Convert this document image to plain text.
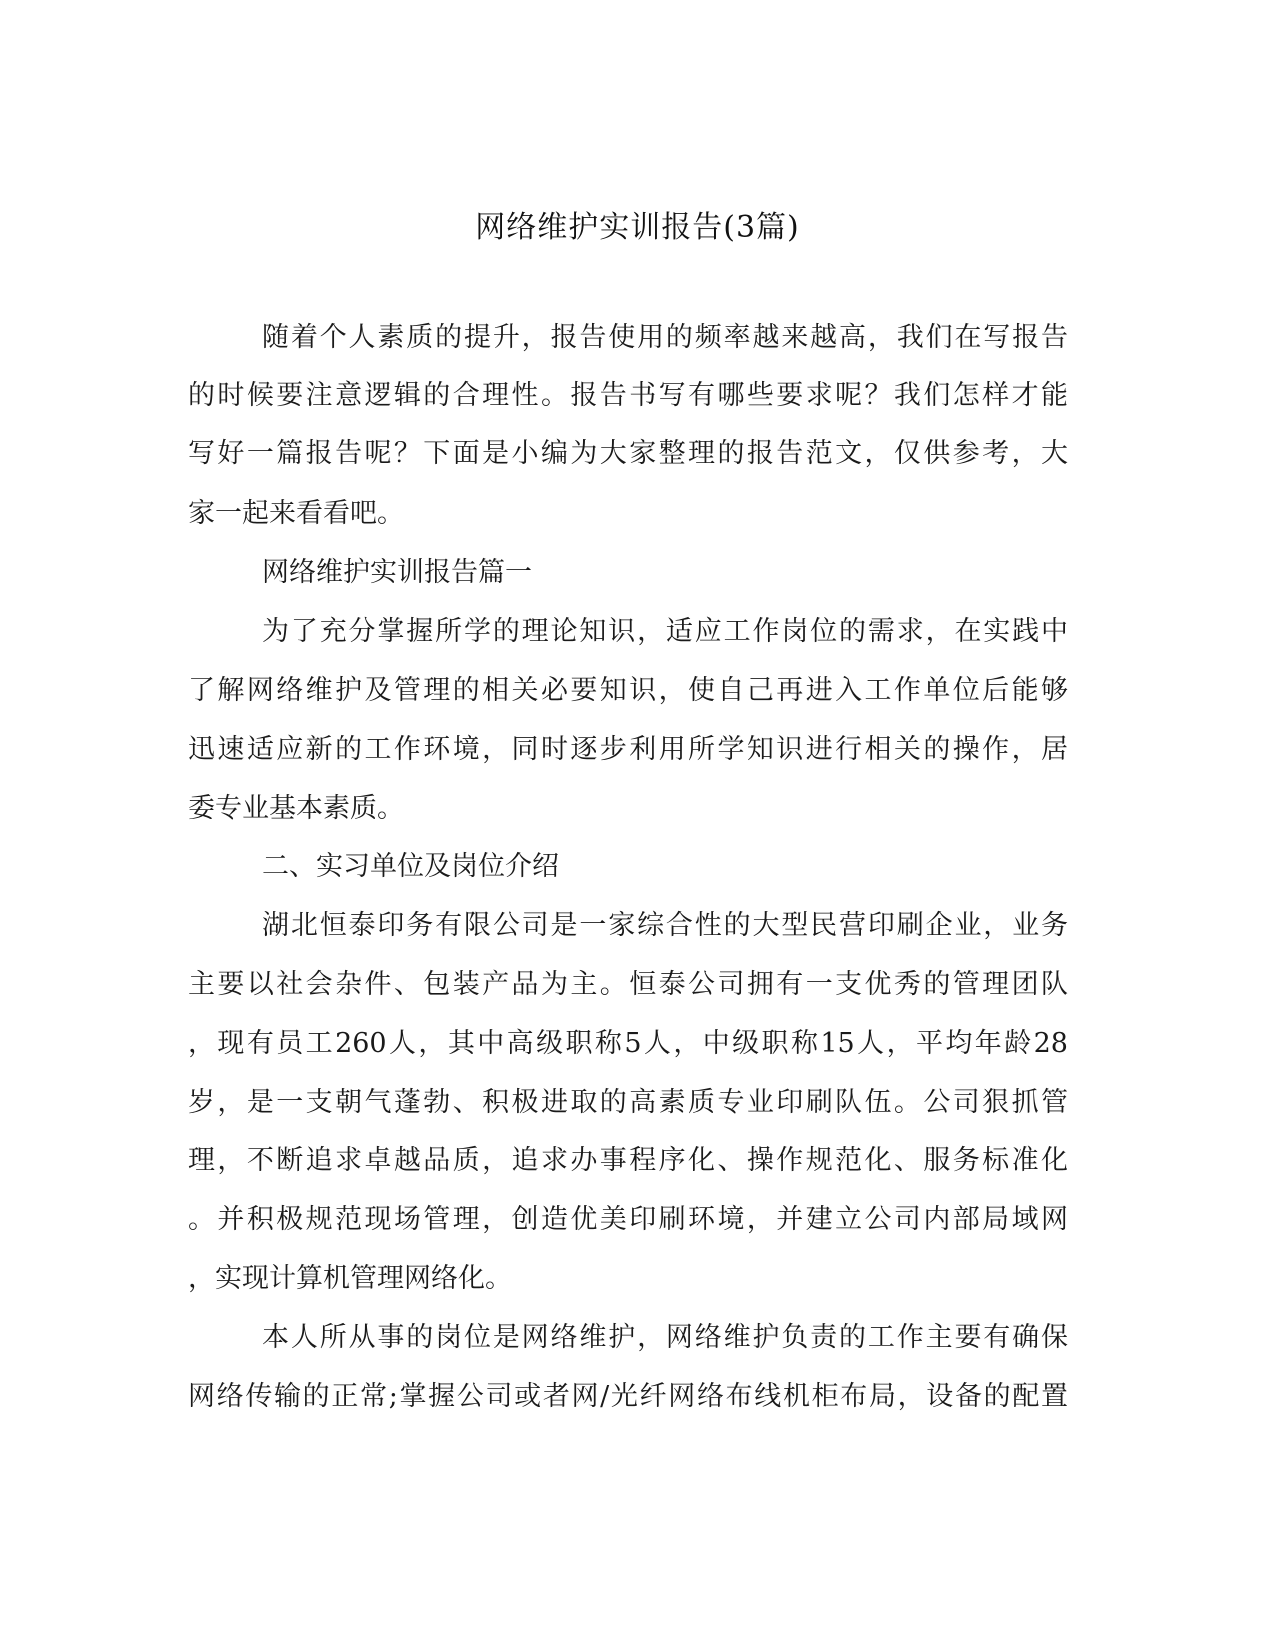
网络维护实训报告(3篇)
随着个人素质的提升，报告使用的频率越来越高，我们在写报告
的时候要注意逻辑的合理性。报告书写有哪些要求呢？我们怎样才能
写好一篇报告呢？下面是小编为大家整理的报告范文，仅供参考，大
家一起来看看吧。
网络维护实训报告篇一
为了充分掌握所学的理论知识，适应工作岗位的需求，在实践中
了解网络维护及管理的相关必要知识，使自己再进入工作单位后能够
迅速适应新的工作环境，同时逐步利用所学知识进行相关的操作，居
委专业基本素质。
二、实习单位及岗位介绍
湖北恒泰印务有限公司是一家综合性的大型民营印刷企业，业务
主要以社会杂件、包装产品为主。恒泰公司拥有一支优秀的管理团队
，现有员工260人，其中高级职称5人，中级职称15人，平均年龄28
岁，是一支朝气蓬勃、积极进取的高素质专业印刷队伍。公司狠抓管
理，不断追求卓越品质，追求办事程序化、操作规范化、服务标准化
。并积极规范现场管理，创造优美印刷环境，并建立公司内部局域网
，实现计算机管理网络化。
本人所从事的岗位是网络维护，网络维护负责的工作主要有确保
网络传输的正常;掌握公司或者网/光纤网络布线机柜布局，设备的配置
